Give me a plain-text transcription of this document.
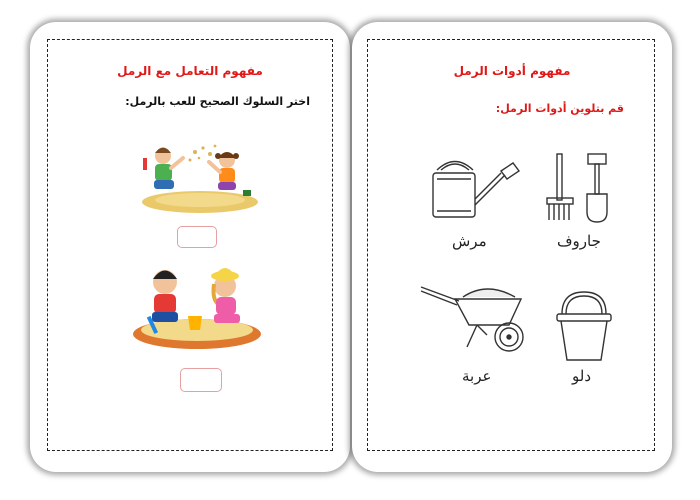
مفهوم التعامل مع الرمل
اختر السلوك الصحيح للعب بالرمل:
مفهوم أدوات الرمل
قم بتلوين أدوات الرمل:
مرش	جاروف
عربة	دلو
